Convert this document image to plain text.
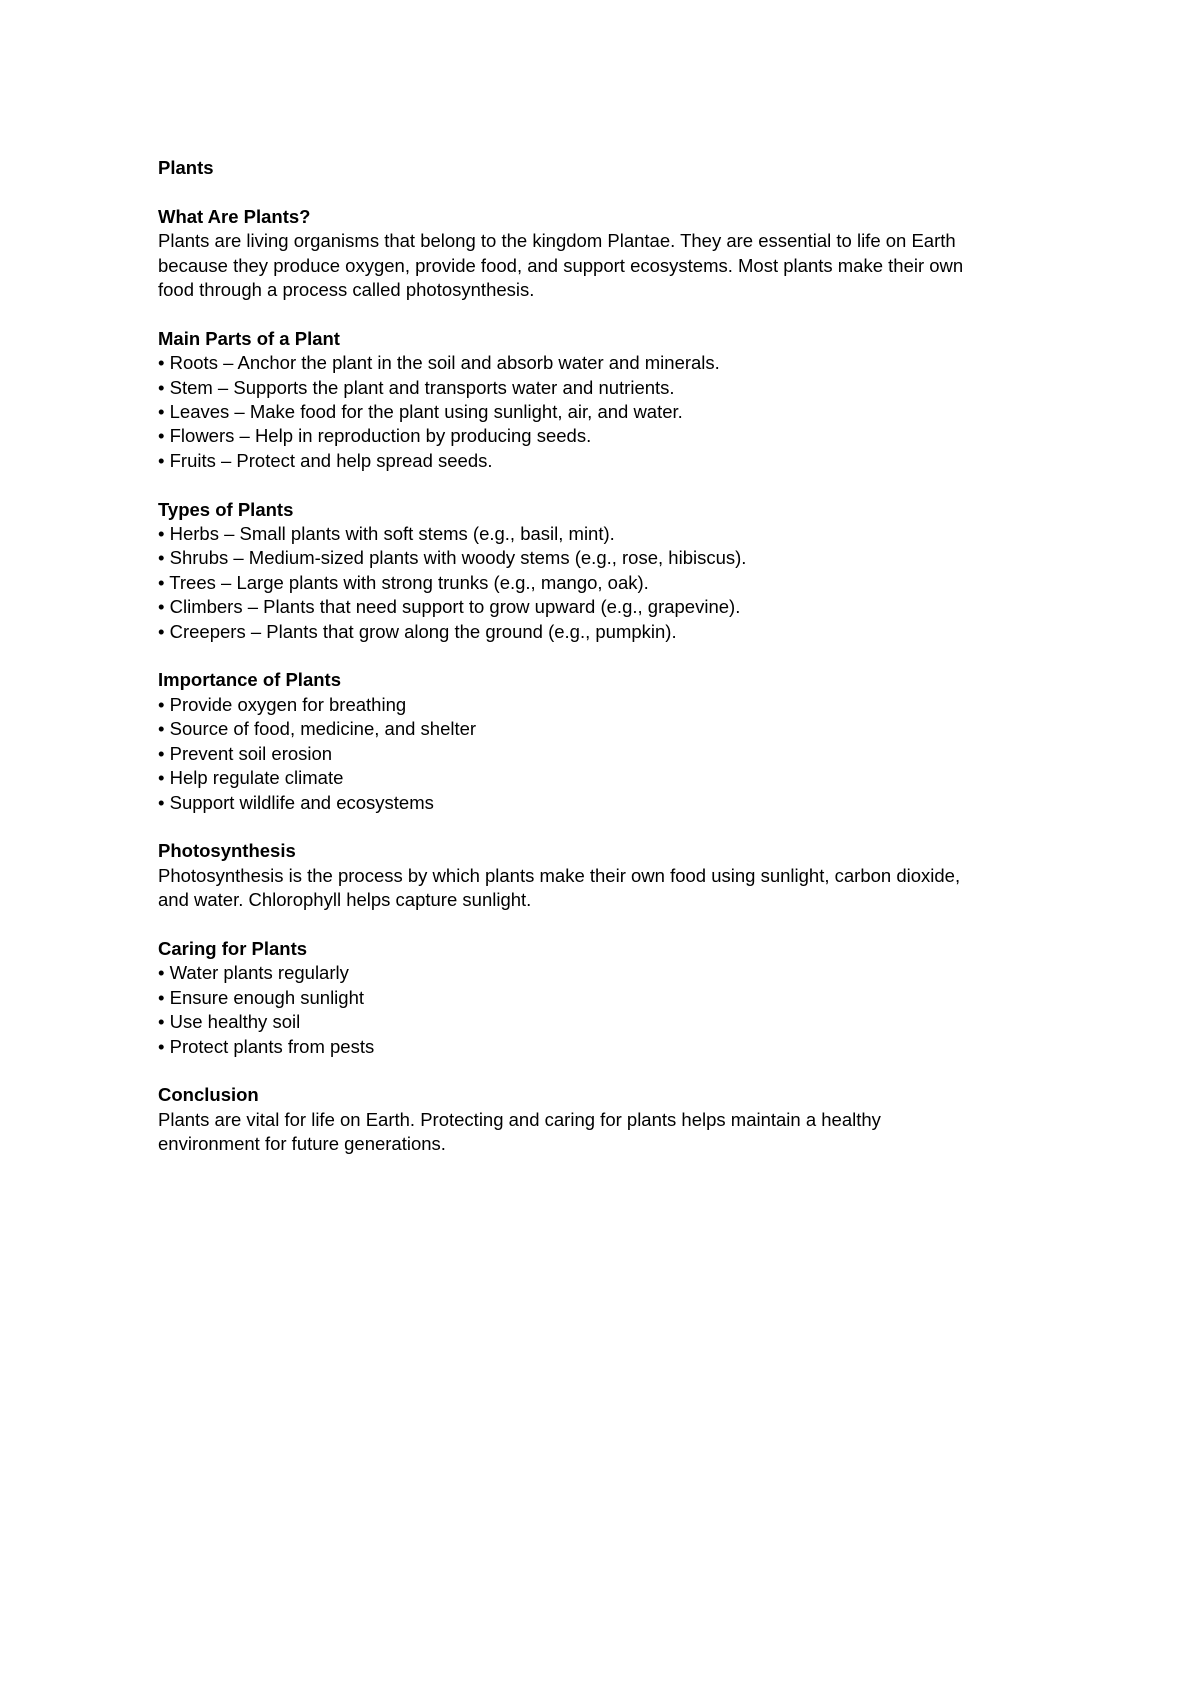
Plants

What Are Plants?

Plants are living organisms that belong to the kingdom Plantae. They are essential to life on Earth

because they produce oxygen, provide food, and support ecosystems. Most plants make their own

food through a process called photosynthesis.

Main Parts of a Plant

• Roots – Anchor the plant in the soil and absorb water and minerals.
• Stem – Supports the plant and transports water and nutrients.
• Leaves – Make food for the plant using sunlight, air, and water.
• Flowers – Help in reproduction by producing seeds.
• Fruits – Protect and help spread seeds.

Types of Plants

• Herbs – Small plants with soft stems (e.g., basil, mint).
• Shrubs – Medium-sized plants with woody stems (e.g., rose, hibiscus).
• Trees – Large plants with strong trunks (e.g., mango, oak).
• Climbers – Plants that need support to grow upward (e.g., grapevine).
• Creepers – Plants that grow along the ground (e.g., pumpkin).

Importance of Plants

• Provide oxygen for breathing
• Source of food, medicine, and shelter
• Prevent soil erosion
• Help regulate climate
• Support wildlife and ecosystems

Photosynthesis

Photosynthesis is the process by which plants make their own food using sunlight, carbon dioxide,

and water. Chlorophyll helps capture sunlight.

Caring for Plants

• Water plants regularly
• Ensure enough sunlight
• Use healthy soil
• Protect plants from pests

Conclusion

Plants are vital for life on Earth. Protecting and caring for plants helps maintain a healthy

environment for future generations.
